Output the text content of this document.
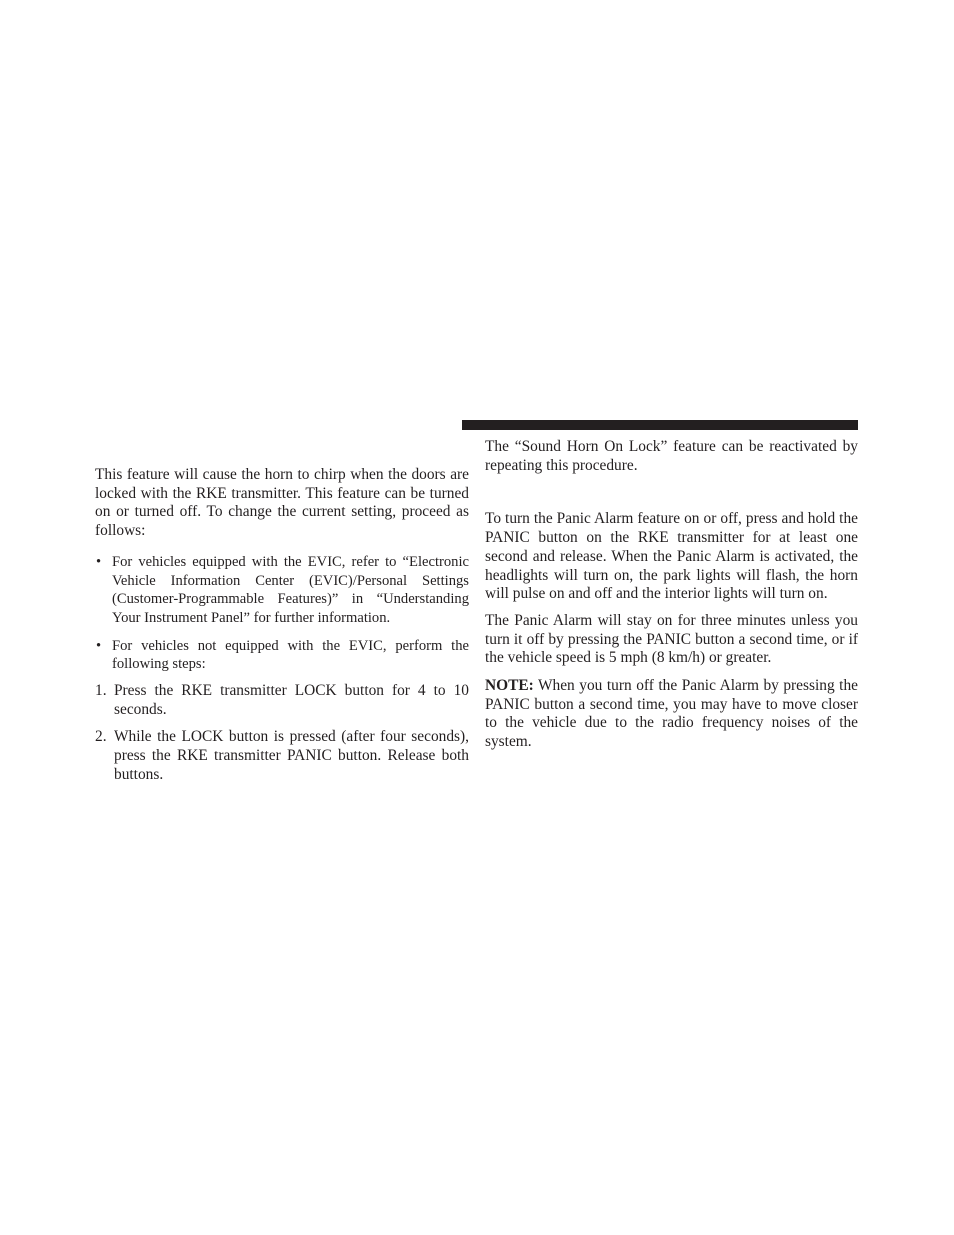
This feature will cause the horn to chirp when the doors are locked with the RKE transmitter. This feature can be turned on or turned off. To change the current setting, proceed as follows:

• For vehicles equipped with the EVIC, refer to “Electronic Vehicle Information Center (EVIC)/Personal Settings (Customer-Programmable Features)” in “Understanding Your Instrument Panel” for further information.
• For vehicles not equipped with the EVIC, perform the following steps:
1. Press the RKE transmitter LOCK button for 4 to 10 seconds.
2. While the LOCK button is pressed (after four seconds), press the RKE transmitter PANIC button. Release both buttons.

The “Sound Horn On Lock” feature can be reactivated by repeating this procedure.

To turn the Panic Alarm feature on or off, press and hold the PANIC button on the RKE transmitter for at least one second and release. When the Panic Alarm is activated, the headlights will turn on, the park lights will flash, the horn will pulse on and off and the interior lights will turn on.

The Panic Alarm will stay on for three minutes unless you turn it off by pressing the PANIC button a second time, or if the vehicle speed is 5 mph (8 km/h) or greater.

NOTE: When you turn off the Panic Alarm by pressing the PANIC button a second time, you may have to move closer to the vehicle due to the radio frequency noises of the system.
